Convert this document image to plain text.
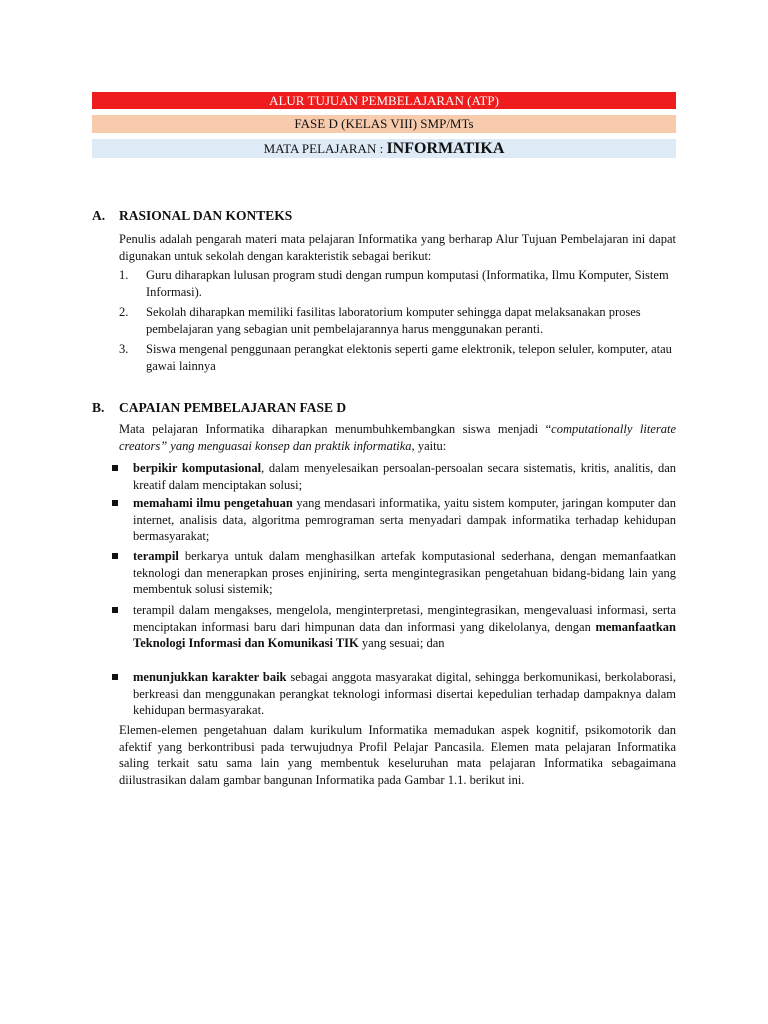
ALUR TUJUAN PEMBELAJARAN (ATP)
FASE D (KELAS VIII) SMP/MTs
MATA PELAJARAN : INFORMATIKA
A. RASIONAL DAN KONTEKS
Penulis adalah pengarah materi mata pelajaran Informatika yang berharap Alur Tujuan Pembelajaran ini dapat digunakan untuk sekolah dengan karakteristik sebagai berikut:
1. Guru diharapkan lulusan program studi dengan rumpun komputasi (Informatika, Ilmu Komputer, Sistem Informasi).
2. Sekolah diharapkan memiliki fasilitas laboratorium komputer sehingga dapat melaksanakan proses pembelajaran yang sebagian unit pembelajarannya harus menggunakan peranti.
3. Siswa mengenal penggunaan perangkat elektonis seperti game elektronik, telepon seluler, komputer, atau gawai lainnya
B. CAPAIAN PEMBELAJARAN FASE D
Mata pelajaran Informatika diharapkan menumbuhkembangkan siswa menjadi “computationally literate creators” yang menguasai konsep dan praktik informatika, yaitu:
berpikir komputasional, dalam menyelesaikan persoalan-persoalan secara sistematis, kritis, analitis, dan kreatif dalam menciptakan solusi;
memahami ilmu pengetahuan yang mendasari informatika, yaitu sistem komputer, jaringan komputer dan internet, analisis data, algoritma pemrograman serta menyadari dampak informatika terhadap kehidupan bermasyarakat;
terampil berkarya untuk dalam menghasilkan artefak komputasional sederhana, dengan memanfaatkan teknologi dan menerapkan proses enjiniring, serta mengintegrasikan pengetahuan bidang-bidang lain yang membentuk solusi sistemik;
terampil dalam mengakses, mengelola, menginterpretasi, mengintegrasikan, mengevaluasi informasi, serta menciptakan informasi baru dari himpunan data dan informasi yang dikelolanya, dengan memanfaatkan Teknologi Informasi dan Komunikasi TIK yang sesuai; dan
menunjukkan karakter baik sebagai anggota masyarakat digital, sehingga berkomunikasi, berkolaborasi, berkreasi dan menggunakan perangkat teknologi informasi disertai kepedulian terhadap dampaknya dalam kehidupan bermasyarakat.
Elemen-elemen pengetahuan dalam kurikulum Informatika memadukan aspek kognitif, psikomotorik dan afektif yang berkontribusi pada terwujudnya Profil Pelajar Pancasila. Elemen mata pelajaran Informatika saling terkait satu sama lain yang membentuk keseluruhan mata pelajaran Informatika sebagaimana diilustrasikan dalam gambar bangunan Informatika pada Gambar 1.1. berikut ini.
